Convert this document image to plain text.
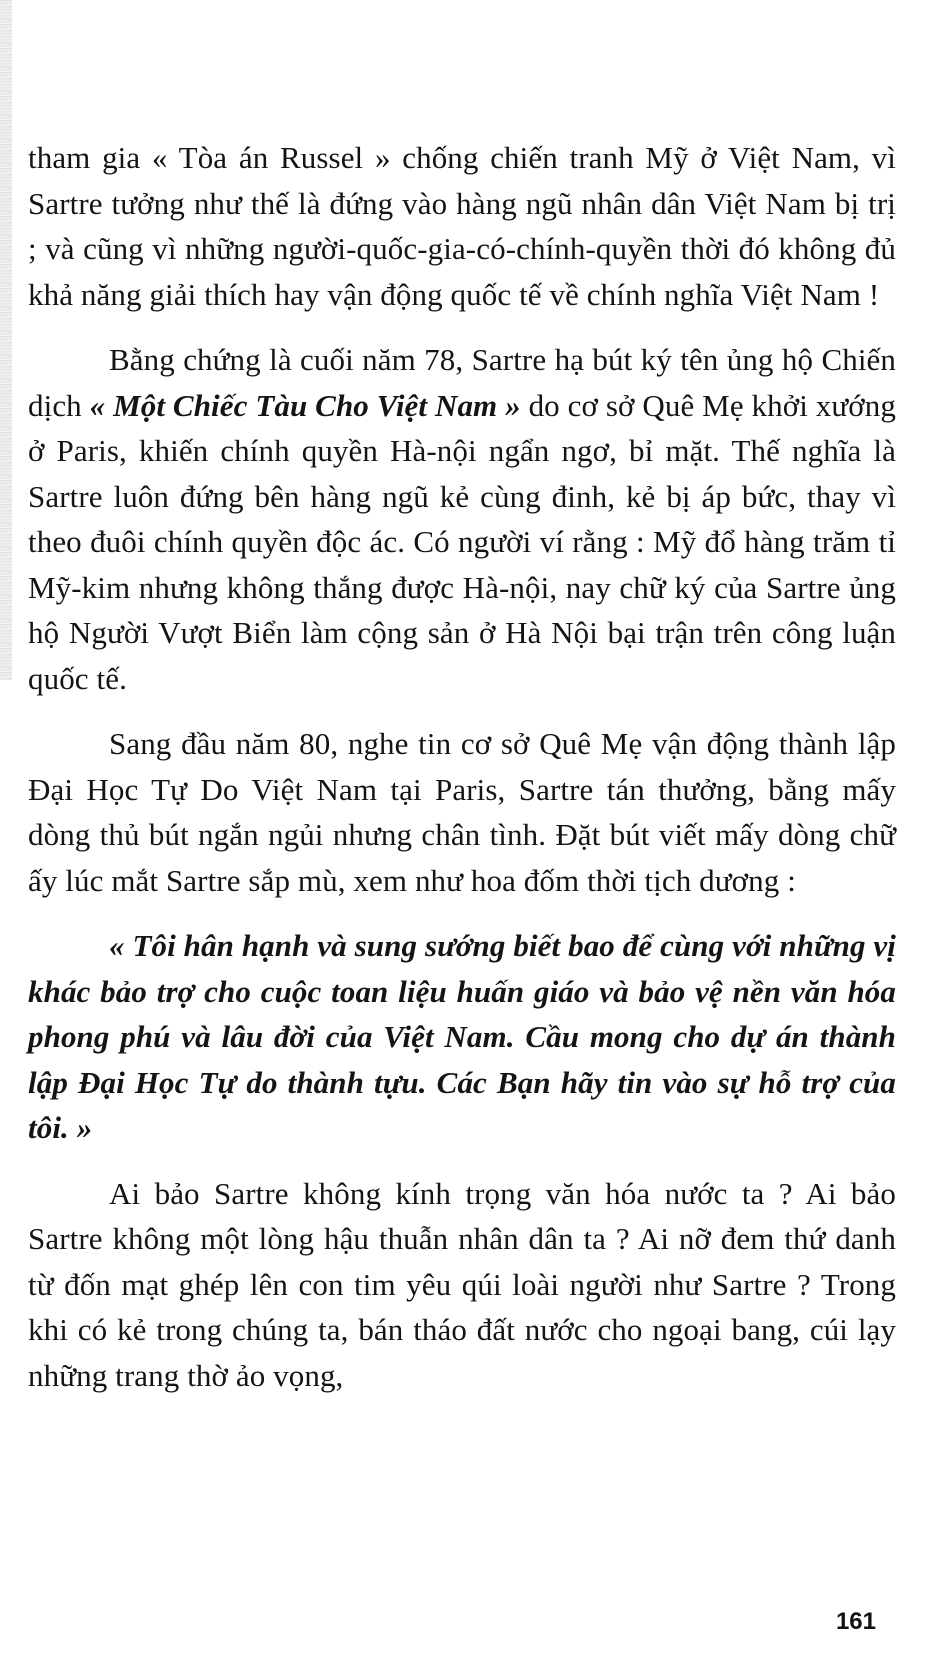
tham gia « Tòa án Russel » chống chiến tranh Mỹ ở Việt Nam, vì Sartre tưởng như thế là đứng vào hàng ngũ nhân dân Việt Nam bị trị ; và cũng vì những người-quốc-gia-có-chính-quyền thời đó không đủ khả năng giải thích hay vận động quốc tế về chính nghĩa Việt Nam !

Bằng chứng là cuối năm 78, Sartre hạ bút ký tên ủng hộ Chiến dịch « Một Chiếc Tàu Cho Việt Nam » do cơ sở Quê Mẹ khởi xướng ở Paris, khiến chính quyền Hà-nội ngẩn ngơ, bỉ mặt. Thế nghĩa là Sartre luôn đứng bên hàng ngũ kẻ cùng đinh, kẻ bị áp bức, thay vì theo đuôi chính quyền độc ác. Có người ví rằng : Mỹ đổ hàng trăm tỉ Mỹ-kim nhưng không thắng được Hà-nội, nay chữ ký của Sartre ủng hộ Người Vượt Biển làm cộng sản ở Hà Nội bại trận trên công luận quốc tế.

Sang đầu năm 80, nghe tin cơ sở Quê Mẹ vận động thành lập Đại Học Tự Do Việt Nam tại Paris, Sartre tán thưởng, bằng mấy dòng thủ bút ngắn ngủi nhưng chân tình. Đặt bút viết mấy dòng chữ ấy lúc mắt Sartre sắp mù, xem như hoa đốm thời tịch dương :

« Tôi hân hạnh và sung sướng biết bao để cùng với những vị khác bảo trợ cho cuộc toan liệu huấn giáo và bảo vệ nền văn hóa phong phú và lâu đời của Việt Nam. Cầu mong cho dự án thành lập Đại Học Tự do thành tựu. Các Bạn hãy tin vào sự hỗ trợ của tôi. »

Ai bảo Sartre không kính trọng văn hóa nước ta ? Ai bảo Sartre không một lòng hậu thuẫn nhân dân ta ? Ai nỡ đem thứ danh từ đốn mạt ghép lên con tim yêu qúi loài người như Sartre ? Trong khi có kẻ trong chúng ta, bán tháo đất nước cho ngoại bang, cúi lạy những trang thờ ảo vọng,

161
